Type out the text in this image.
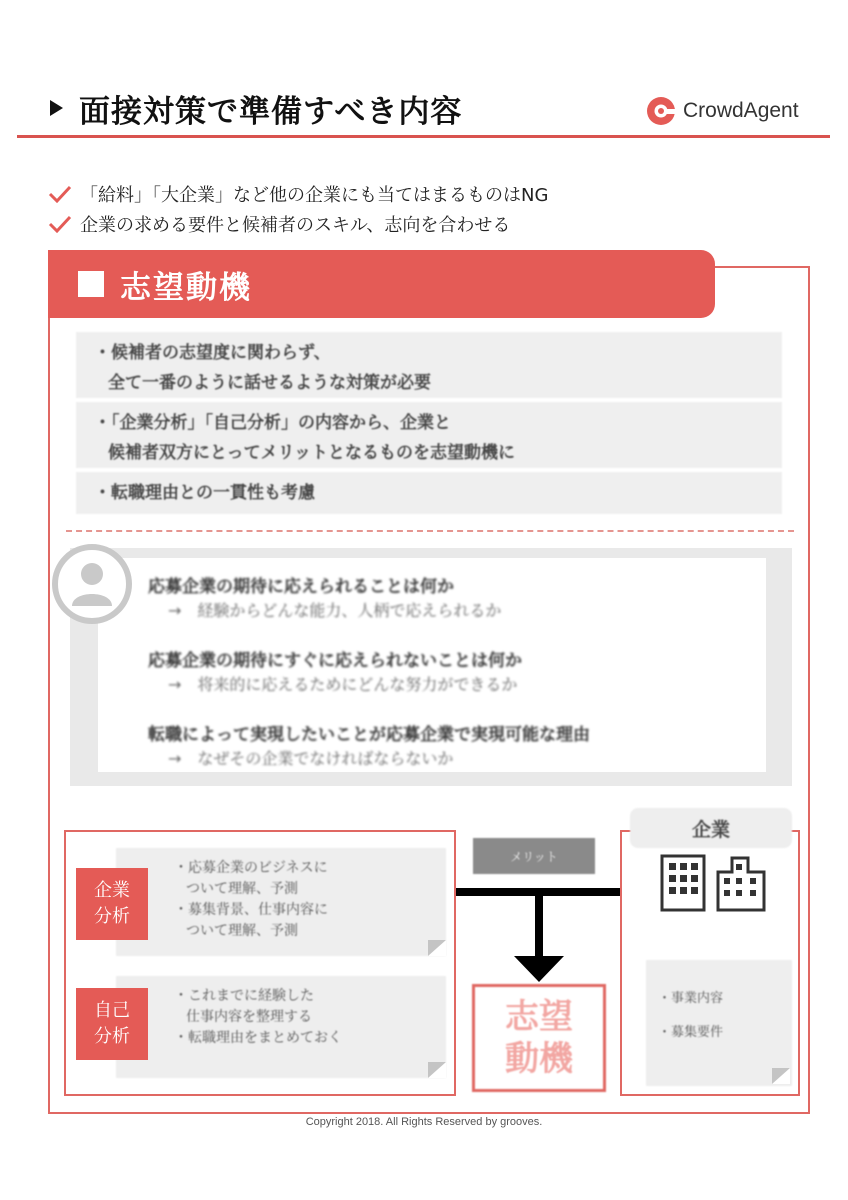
面接対策で準備すべき内容	CrowdAgent
「給料」「大企業」など他の企業にも当てはまるものはNG
企業の求める要件と候補者のスキル、志向を合わせる
志望動機
・候補者の志望度に関わらず、
全て一番のように話せるような対策が必要
・「企業分析」「自己分析」の内容から、企業と
候補者双方にとってメリットとなるものを志望動機に
・転職理由との一貫性も考慮
応募企業の期待に応えられることは何か
→　経験からどんな能力、人柄で応えられるか
応募企業の期待にすぐに応えられないことは何か
→　将来的に応えるためにどんな努力ができるか
転職によって実現したいことが応募企業で実現可能な理由
→　なぜその企業でなければならないか
・応募企業のビジネスに
ついて理解、予測
・募集背景、仕事内容に
ついて理解、予測
企業
分析
・これまでに経験した
仕事内容を整理する
・転職理由をまとめておく
自己
分析
メリット
志望
動機
企業
・事業内容
・募集要件
Copyright 2018. All Rights Reserved by grooves.
